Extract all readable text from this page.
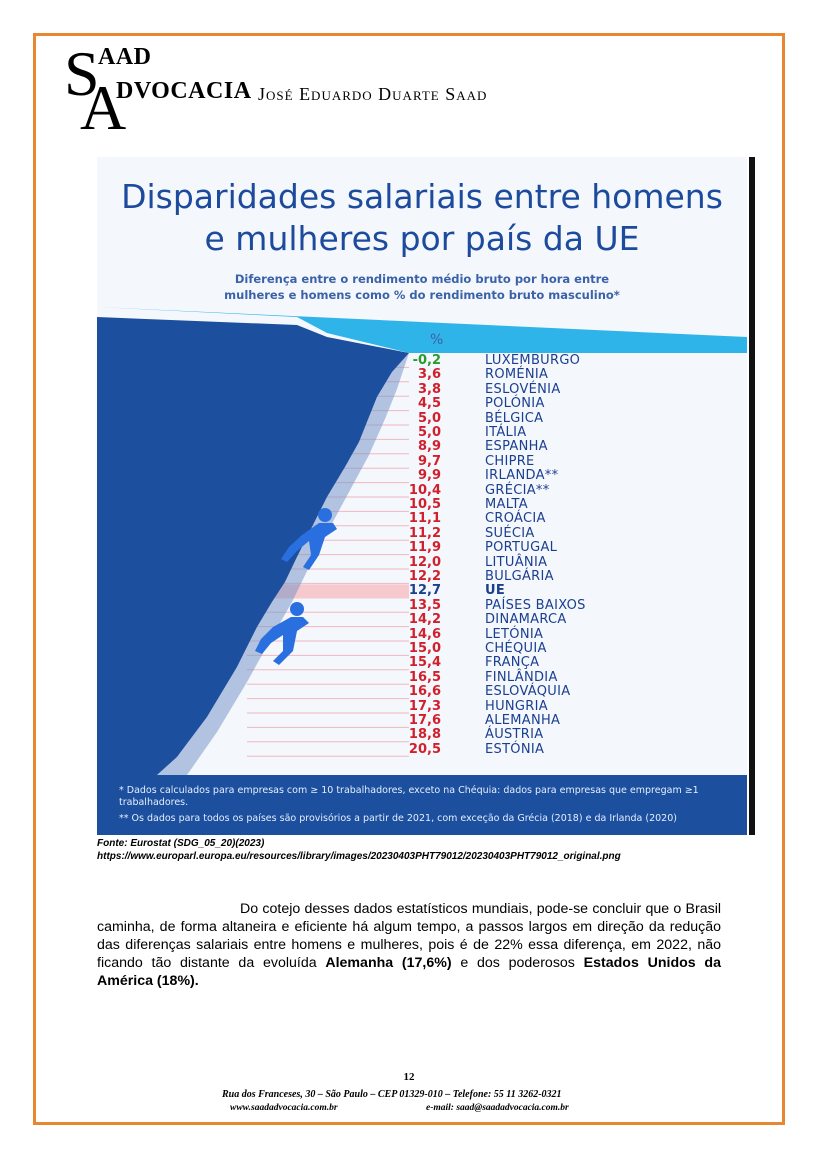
S
A
AAD
DVOCACIA José Eduardo Duarte Saad
Disparidades salariais entre homens
e mulheres por país da UE
Diferença entre o rendimento médio bruto por hora entre
mulheres e homens como % do rendimento bruto masculino*
%
-0,2	LUXEMBURGO
3,6	ROMÉNIA
3,8	ESLOVÉNIA
4,5	POLÓNIA
5,0	BÉLGICA
5,0	ITÁLIA
8,9	ESPANHA
9,7	CHIPRE
9,9	IRLANDA**
10,4	GRÉCIA**
10,5	MALTA
11,1	CROÁCIA
11,2	SUÉCIA
11,9	PORTUGAL
12,0	LITUÂNIA
12,2	BULGÁRIA
12,7	UE
13,5	PAÍSES BAIXOS
14,2	DINAMARCA
14,6	LETÓNIA
15,0	CHÉQUIA
15,4	FRANÇA
16,5	FINLÂNDIA
16,6	ESLOVÁQUIA
17,3	HUNGRIA
17,6	ALEMANHA
18,8	ÁUSTRIA
20,5	ESTÓNIA
* Dados calculados para empresas com ≥ 10 trabalhadores, exceto na Chéquia: dados para empresas que empregam ≥1 trabalhadores.
** Os dados para todos os países são provisórios a partir de 2021, com exceção da Grécia (2018) e da Irlanda (2020)
Fonte: Eurostat (SDG_05_20)(2023)
https://www.europarl.europa.eu/resources/library/images/20230403PHT79012/20230403PHT79012_original.png
Do cotejo desses dados estatísticos mundiais, pode-se concluir que o Brasil caminha, de forma altaneira e eficiente há algum tempo, a passos largos em direção da redução das diferenças salariais entre homens e mulheres, pois é de 22% essa diferença, em 2022, não ficando tão distante da evoluída Alemanha (17,6%) e dos poderosos Estados Unidos da América (18%).
12
Rua dos Franceses, 30 – São Paulo – CEP 01329-010 – Telefone: 55 11 3262-0321
www.saadadvocacia.com.br	e-mail: saad@saadadvocacia.com.br
